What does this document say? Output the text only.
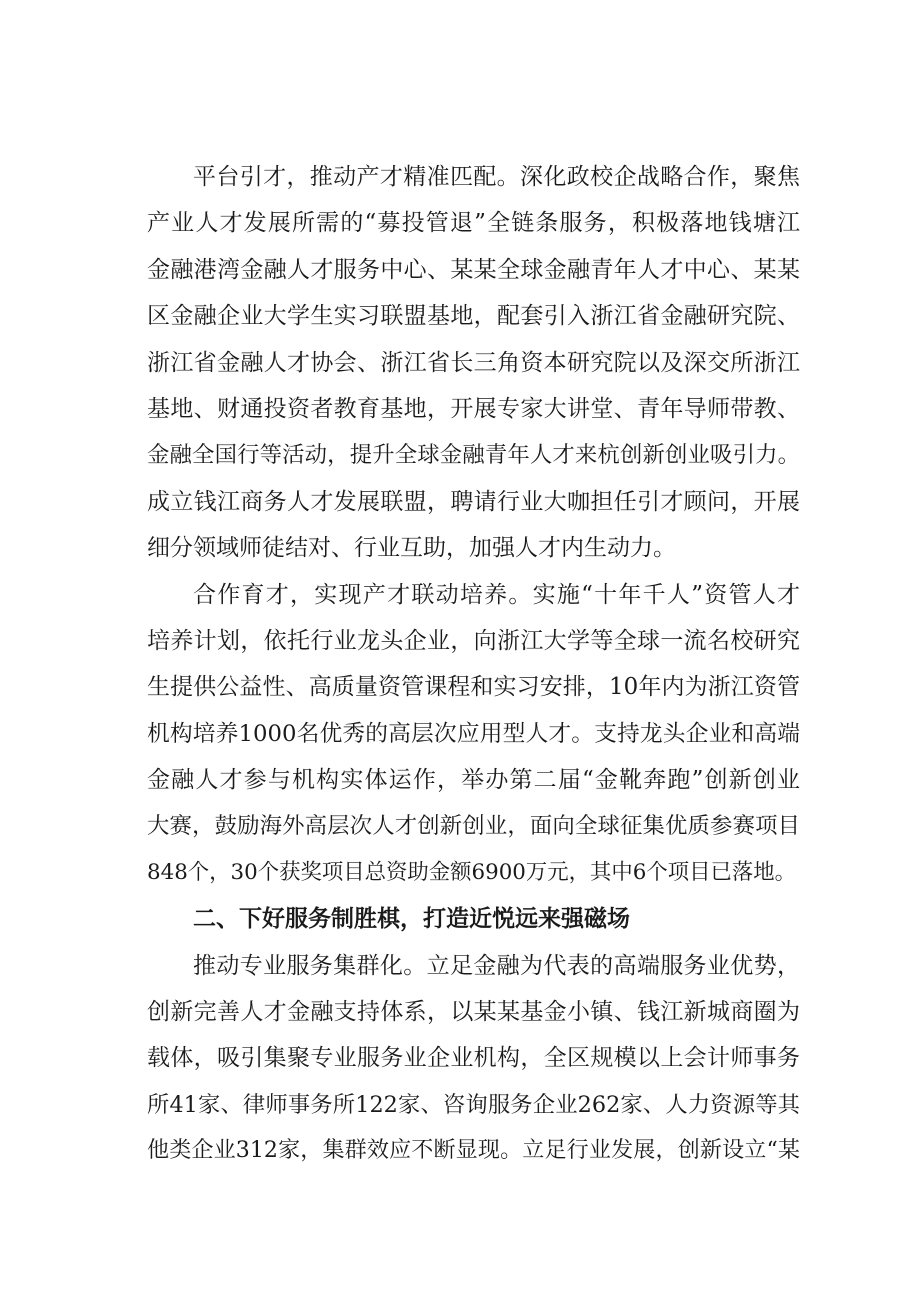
平台引才，推动产才精准匹配。深化政校企战略合作，聚焦
产业人才发展所需的“募投管退”全链条服务，积极落地钱塘江
金融港湾金融人才服务中心、某某全球金融青年人才中心、某某
区金融企业大学生实习联盟基地，配套引入浙江省金融研究院、
浙江省金融人才协会、浙江省长三角资本研究院以及深交所浙江
基地、财通投资者教育基地，开展专家大讲堂、青年导师带教、
金融全国行等活动，提升全球金融青年人才来杭创新创业吸引力。
成立钱江商务人才发展联盟，聘请行业大咖担任引才顾问，开展
细分领域师徒结对、行业互助，加强人才内生动力。
合作育才，实现产才联动培养。实施“十年千人”资管人才
培养计划，依托行业龙头企业，向浙江大学等全球一流名校研究
生提供公益性、高质量资管课程和实习安排，10年内为浙江资管
机构培养1000名优秀的高层次应用型人才。支持龙头企业和高端
金融人才参与机构实体运作，举办第二届“金靴奔跑”创新创业
大赛，鼓励海外高层次人才创新创业，面向全球征集优质参赛项目
848个，30个获奖项目总资助金额6900万元，其中6个项目已落地。
二、下好服务制胜棋，打造近悦远来强磁场
推动专业服务集群化。立足金融为代表的高端服务业优势，
创新完善人才金融支持体系，以某某基金小镇、钱江新城商圈为
载体，吸引集聚专业服务业企业机构，全区规模以上会计师事务
所41家、律师事务所122家、咨询服务企业262家、人力资源等其
他类企业312家，集群效应不断显现。立足行业发展，创新设立“某
